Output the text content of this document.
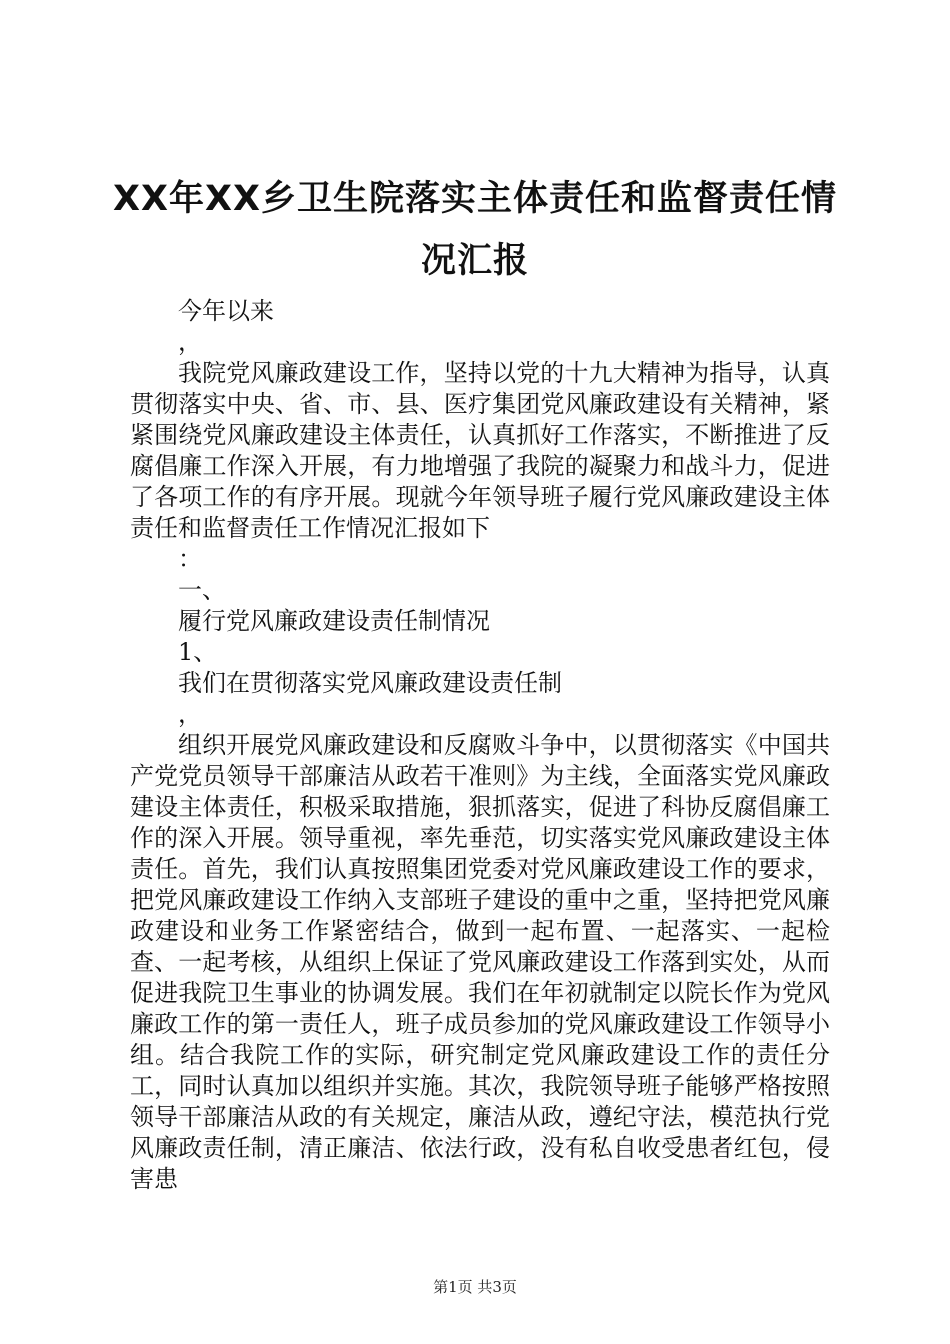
XX年XX乡卫生院落实主体责任和监督责任情况汇报

今年以来

，

我院党风廉政建设工作，坚持以党的十九大精神为指导，认真贯彻落实中央、省、市、县、医疗集团党风廉政建设有关精神，紧紧围绕党风廉政建设主体责任，认真抓好工作落实，不断推进了反腐倡廉工作深入开展，有力地增强了我院的凝聚力和战斗力，促进了各项工作的有序开展。现就今年领导班子履行党风廉政建设主体责任和监督责任工作情况汇报如下

：

一、

履行党风廉政建设责任制情况

1、

我们在贯彻落实党风廉政建设责任制

，

组织开展党风廉政建设和反腐败斗争中，以贯彻落实《中国共产党党员领导干部廉洁从政若干准则》为主线，全面落实党风廉政建设主体责任，积极采取措施，狠抓落实，促进了科协反腐倡廉工作的深入开展。领导重视，率先垂范，切实落实党风廉政建设主体责任。首先，我们认真按照集团党委对党风廉政建设工作的要求，把党风廉政建设工作纳入支部班子建设的重中之重，坚持把党风廉政建设和业务工作紧密结合，做到一起布置、一起落实、一起检查、一起考核，从组织上保证了党风廉政建设工作落到实处，从而促进我院卫生事业的协调发展。我们在年初就制定以院长作为党风廉政工作的第一责任人，班子成员参加的党风廉政建设工作领导小组。结合我院工作的实际，研究制定党风廉政建设工作的责任分工，同时认真加以组织并实施。其次，我院领导班子能够严格按照领导干部廉洁从政的有关规定，廉洁从政，遵纪守法，模范执行党风廉政责任制，清正廉洁、依法行政，没有私自收受患者红包，侵害患

第1页 共3页
